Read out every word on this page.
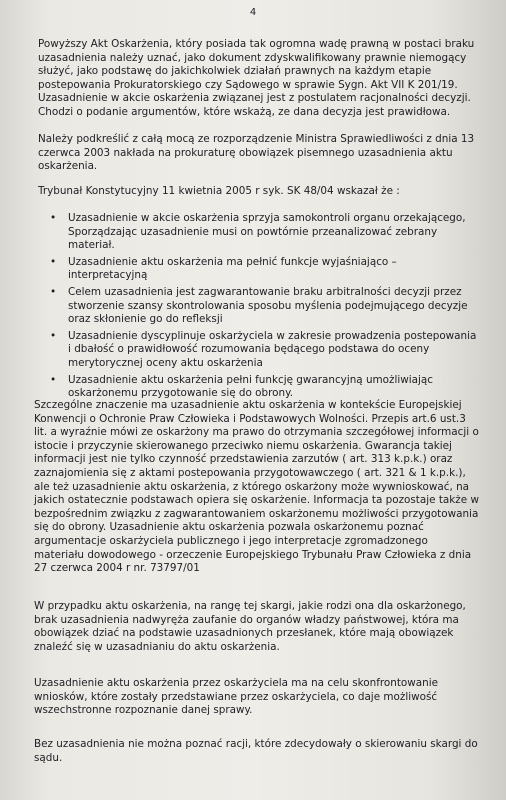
4

Powyższy Akt Oskarżenia, który posiada tak ogromna wadę prawną w postaci braku uzasadnienia należy uznać, jako dokument zdyskwalifikowany prawnie niemogący służyć, jako podstawę do jakichkolwiek działań prawnych na każdym etapie postepowania Prokuratorskiego czy Sądowego w sprawie Sygn. Akt VII K 201/19. Uzasadnienie w akcie oskarżenia związanej jest z postulatem racjonalności decyzji. Chodzi o podanie argumentów, które wskażą, ze dana decyzja jest prawidłowa.

Należy podkreślić z całą mocą ze rozporządzenie Ministra Sprawiedliwości z dnia 13 czerwca 2003 nakłada na prokuraturę obowiązek pisemnego uzasadnienia aktu oskarżenia.

Trybunał Konstytucyjny 11 kwietnia 2005 r syk. SK 48/04 wskazał że :

• Uzasadnienie w akcie oskarżenia sprzyja samokontroli organu orzekającego, Sporządzając uzasadnienie musi on powtórnie przeanalizować zebrany materiał.
• Uzasadnienie aktu oskarżenia ma pełnić funkcje wyjaśniająco – interpretacyjną
• Celem uzasadnienia jest zagwarantowanie braku arbitralności decyzji przez stworzenie szansy skontrolowania sposobu myślenia podejmującego decyzje oraz skłonienie go do refleksji
• Uzasadnienie dyscyplinuje oskarżyciela w zakresie prowadzenia postepowania i dbałość o prawidłowość rozumowania będącego podstawa do oceny merytorycznej oceny aktu oskarżenia
• Uzasadnienie aktu oskarżenia pełni funkcję gwarancyjną umożliwiając oskarżonemu przygotowanie się do obrony.

Szczególne znaczenie ma uzasadnienie aktu oskarżenia w kontekście Europejskiej Konwencji o Ochronie Praw Człowieka i Podstawowych Wolności. Przepis art.6 ust.3 lit. a wyraźnie mówi ze oskarżony ma prawo do otrzymania szczegółowej informacji o istocie i przyczynie skierowanego przeciwko niemu oskarżenia. Gwarancja takiej informacji jest nie tylko czynność przedstawienia zarzutów ( art. 313 k.p.k.) oraz zaznajomienia się z aktami postepowania przygotowawczego ( art. 321 & 1 k.p.k.), ale też uzasadnienie aktu oskarżenia, z którego oskarżony może wywnioskować, na jakich ostatecznie podstawach opiera się oskarżenie. Informacja ta pozostaje także w bezpośrednim związku z zagwarantowaniem oskarżonemu możliwości przygotowania się do obrony. Uzasadnienie aktu oskarżenia pozwala oskarżonemu poznać argumentacje oskarżyciela publicznego i jego interpretacje zgromadzonego materiału dowodowego - orzeczenie Europejskiego Trybunału Praw Człowieka z dnia 27 czerwca 2004 r nr. 73797/01

W przypadku aktu oskarżenia, na rangę tej skargi, jakie rodzi ona dla oskarżonego, brak uzasadnienia nadwyręża zaufanie do organów władzy państwowej, która ma obowiązek dziać na podstawie uzasadnionych przesłanek, które mają obowiązek znaleźć się w uzasadnianiu do aktu oskarżenia.

Uzasadnienie aktu oskarżenia przez oskarżyciela ma na celu skonfrontowanie wniosków, które zostały przedstawiane przez oskarżyciela, co daje możliwość wszechstronne rozpoznanie danej sprawy.

Bez uzasadnienia nie można poznać racji, które zdecydowały o skierowaniu skargi do sądu.
